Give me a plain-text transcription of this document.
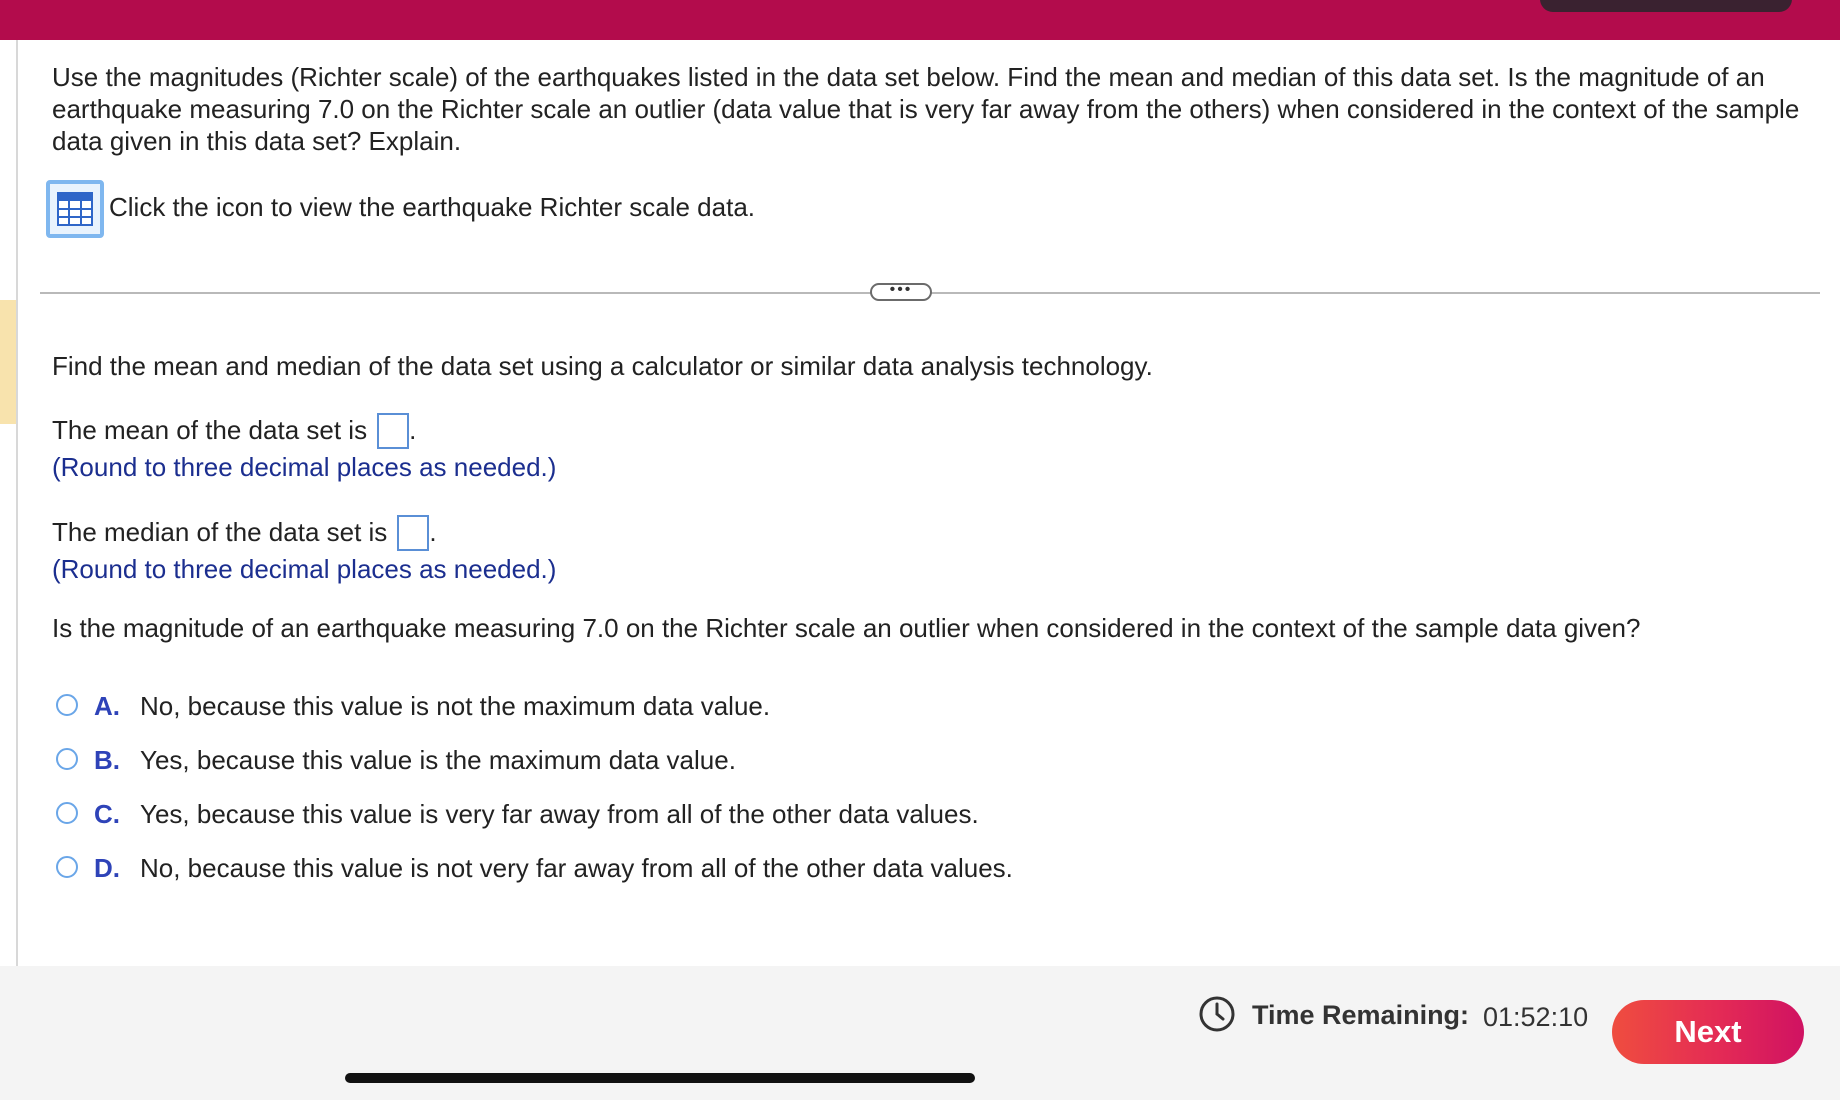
Use the magnitudes (Richter scale) of the earthquakes listed in the data set below. Find the mean and median of this data set. Is the magnitude of an earthquake measuring 7.0 on the Richter scale an outlier (data value that is very far away from the others) when considered in the context of the sample data given in this data set? Explain.
Click the icon to view the earthquake Richter scale data.
•••
Find the mean and median of the data set using a calculator or similar data analysis technology.
The mean of the data set is .
(Round to three decimal places as needed.)
The median of the data set is .
(Round to three decimal places as needed.)
Is the magnitude of an earthquake measuring 7.0 on the Richter scale an outlier when considered in the context of the sample data given?
A. No, because this value is not the maximum data value.
B. Yes, because this value is the maximum data value.
C. Yes, because this value is very far away from all of the other data values.
D. No, because this value is not very far away from all of the other data values.
Time Remaining: 01:52:10	Next
